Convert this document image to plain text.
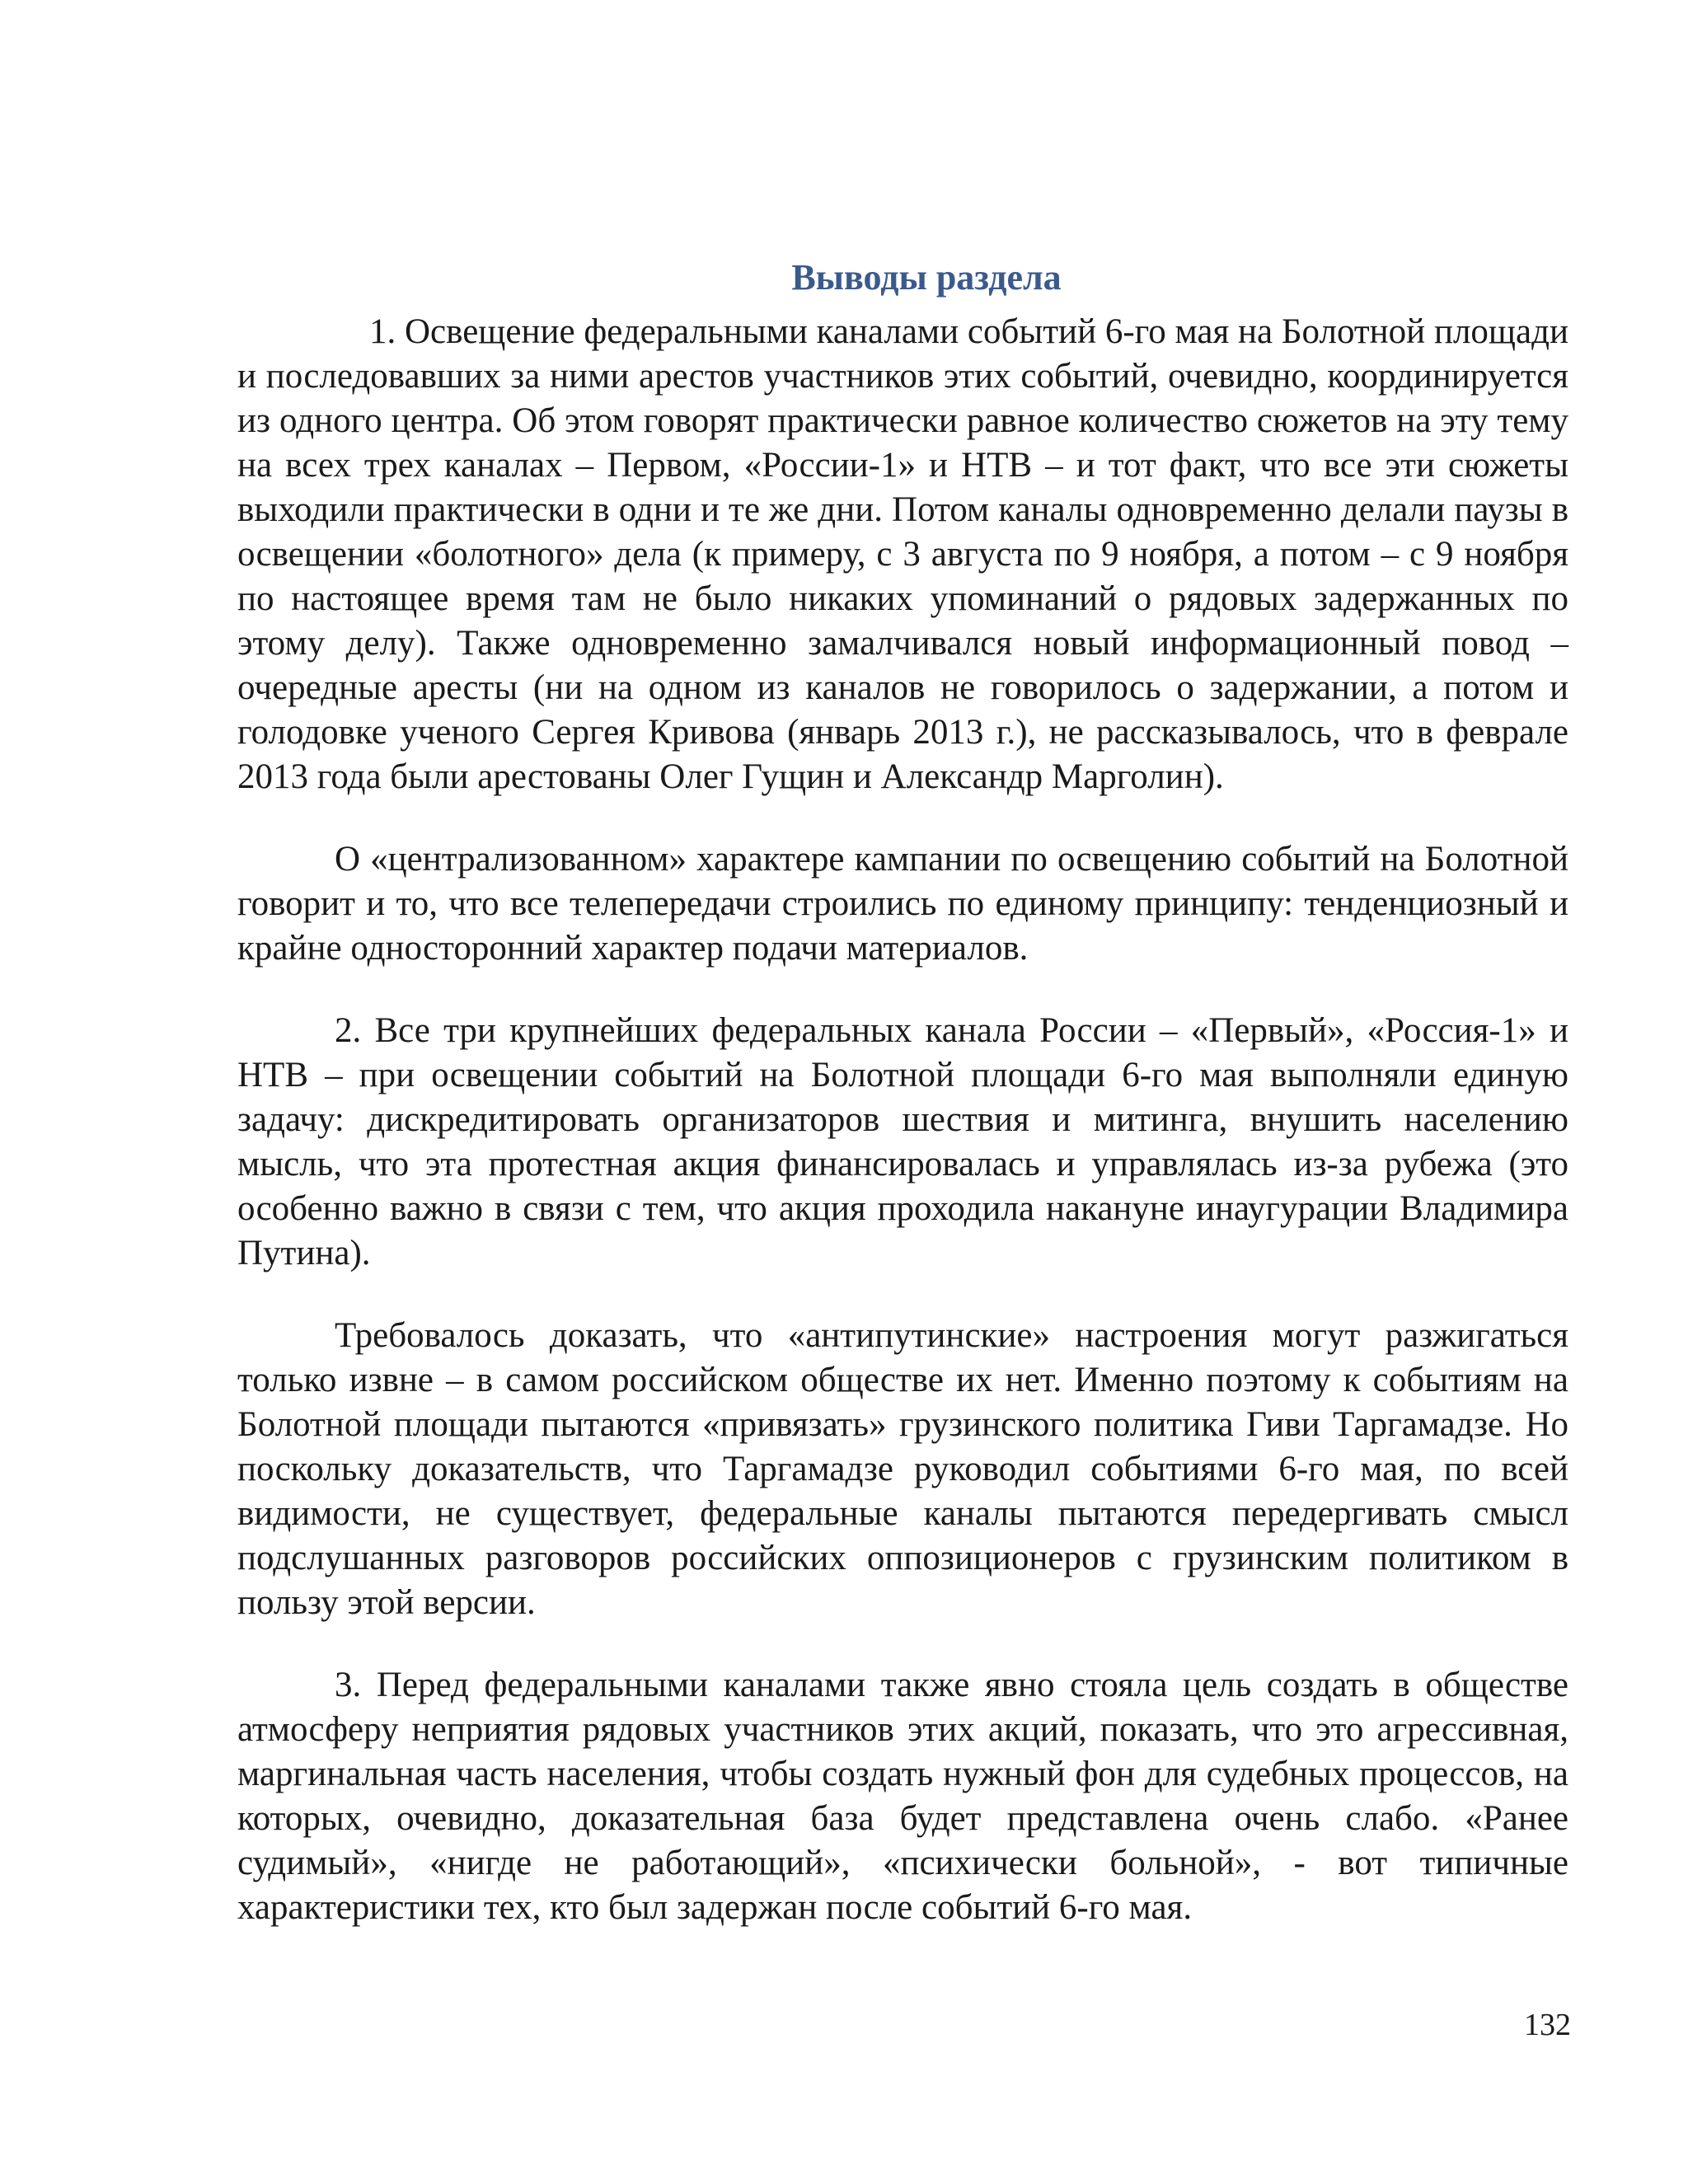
Выводы раздела

1. Освещение федеральными каналами событий 6-го мая на Болотной площади и последовавших за ними арестов участников этих событий, очевидно, координируется из одного центра. Об этом говорят практически равное количество сюжетов на эту тему на всех трех каналах – Первом, «России-1» и НТВ – и тот факт, что все эти сюжеты выходили практически в одни и те же дни. Потом каналы одновременно делали паузы в освещении «болотного» дела (к примеру, с 3 августа по 9 ноября, а потом – с 9 ноября по настоящее время там не было никаких упоминаний о рядовых задержанных по этому делу). Также одновременно замалчивался новый информационный повод – очередные аресты (ни на одном из каналов не говорилось о задержании, а потом и голодовке ученого Сергея Кривова (январь 2013 г.), не рассказывалось, что в феврале 2013 года были арестованы Олег Гущин и Александр Марголин).

О «централизованном» характере кампании по освещению событий на Болотной говорит и то, что все телепередачи строились по единому принципу: тенденциозный и крайне односторонний характер подачи материалов.

2. Все три крупнейших федеральных канала России – «Первый», «Россия-1» и НТВ – при освещении событий на Болотной площади 6-го мая выполняли единую задачу: дискредитировать организаторов шествия и митинга, внушить населению мысль, что эта протестная акция финансировалась и управлялась из-за рубежа (это особенно важно в связи с тем, что акция проходила накануне инаугурации Владимира Путина).

Требовалось доказать, что «антипутинские» настроения могут разжигаться только извне – в самом российском обществе их нет. Именно поэтому к событиям на Болотной площади пытаются «привязать» грузинского политика Гиви Таргамадзе. Но поскольку доказательств, что Таргамадзе руководил событиями 6-го мая, по всей видимости, не существует, федеральные каналы пытаются передергивать смысл подслушанных разговоров российских оппозиционеров с грузинским политиком в пользу этой версии.

3. Перед федеральными каналами также явно стояла цель создать в обществе атмосферу неприятия рядовых участников этих акций, показать, что это агрессивная, маргинальная часть населения, чтобы создать нужный фон для судебных процессов, на которых, очевидно, доказательная база будет представлена очень слабо. «Ранее судимый», «нигде не работающий», «психически больной», - вот типичные характеристики тех, кто был задержан после событий 6-го мая.

132
